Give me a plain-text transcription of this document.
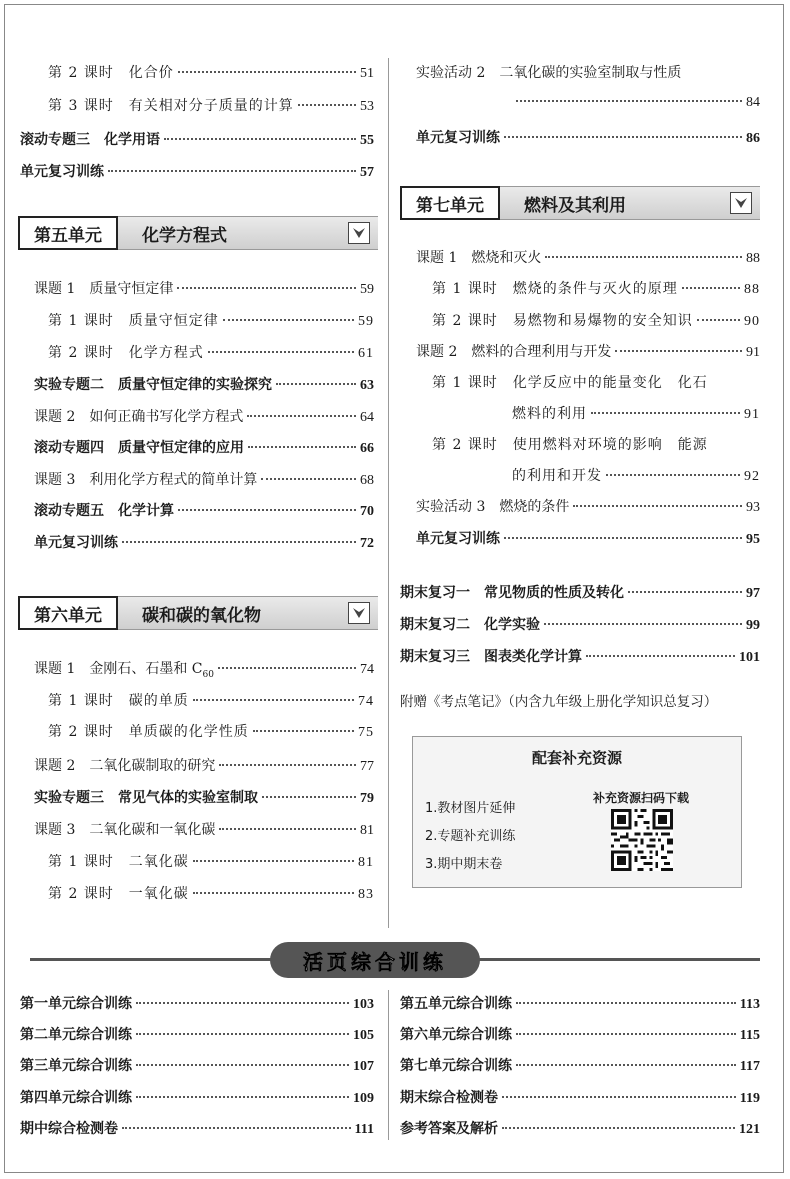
第 2 课时　化合价	51
第 3 课时　有关相对分子质量的计算	53
滚动专题三　化学用语	55
单元复习训练	57
第五单元	化学方程式
课题 1　质量守恒定律	59
第 1 课时　质量守恒定律	59
第 2 课时　化学方程式	61
实验专题二　质量守恒定律的实验探究	63
课题 2　如何正确书写化学方程式	64
滚动专题四　质量守恒定律的应用	66
课题 3　利用化学方程式的简单计算	68
滚动专题五　化学计算	70
单元复习训练	72
第六单元	碳和碳的氧化物
课题 1　金刚石、石墨和 $C_{60}$	74
第 1 课时　碳的单质	74
第 2 课时　单质碳的化学性质	75
课题 2　二氧化碳制取的研究	77
实验专题三　常见气体的实验室制取	79
课题 3　二氧化碳和一氧化碳	81
第 1 课时　二氧化碳	81
第 2 课时　一氧化碳	83
实验活动 2　二氧化碳的实验室制取与性质
84
单元复习训练	86
第七单元	燃料及其利用
课题 1　燃烧和灭火	88
第 1 课时　燃烧的条件与灭火的原理	88
第 2 课时　易燃物和易爆物的安全知识	90
课题 2　燃料的合理利用与开发	91
第 1 课时　化学反应中的能量变化　化石
燃料的利用	91
第 2 课时　使用燃料对环境的影响　能源
的利用和开发	92
实验活动 3　燃烧的条件	93
单元复习训练	95
期末复习一　常见物质的性质及转化	97
期末复习二　化学实验	99
期末复习三　图表类化学计算	101
附赠《考点笔记》（内含九年级上册化学知识总复习）
配套补充资源
1.教材图片延伸
2.专题补充训练
3.期中期末卷
补充资源扫码下载
活页综合训练
第一单元综合训练	103
第二单元综合训练	105
第三单元综合训练	107
第四单元综合训练	109
期中综合检测卷	111
第五单元综合训练	113
第六单元综合训练	115
第七单元综合训练	117
期末综合检测卷	119
参考答案及解析	121
